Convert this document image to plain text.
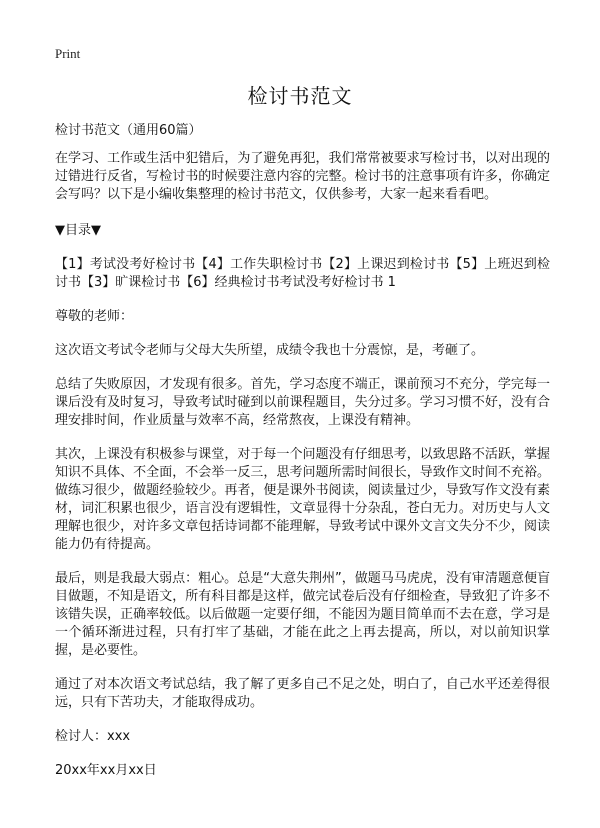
Print
检讨书范文

检讨书范文（通用60篇）

在学习、工作或生活中犯错后，为了避免再犯，我们常常被要求写检讨书，以对出现的过错进行反省，写检讨书的时候要注意内容的完整。检讨书的注意事项有许多，你确定会写吗？以下是小编收集整理的检讨书范文，仅供参考，大家一起来看看吧。

▼目录▼

【1】考试没考好检讨书【4】工作失职检讨书【2】上课迟到检讨书【5】上班迟到检讨书【3】旷课检讨书【6】经典检讨书考试没考好检讨书 1

尊敬的老师：

这次语文考试令老师与父母大失所望，成绩令我也十分震惊，是，考砸了。

总结了失败原因，才发现有很多。首先，学习态度不端正，课前预习不充分，学完每一课后没有及时复习，导致考试时碰到以前课程题目，失分过多。学习习惯不好，没有合理安排时间，作业质量与效率不高，经常熬夜，上课没有精神。

其次，上课没有积极参与课堂，对于每一个问题没有仔细思考，以致思路不活跃，掌握知识不具体、不全面，不会举一反三，思考问题所需时间很长，导致作文时间不充裕。做练习很少，做题经验较少。再者，便是课外书阅读，阅读量过少，导致写作文没有素材，词汇积累也很少，语言没有逻辑性，文章显得十分杂乱，苍白无力。对历史与人文理解也很少，对许多文章包括诗词都不能理解，导致考试中课外文言文失分不少，阅读能力仍有待提高。

最后，则是我最大弱点：粗心。总是“大意失荆州”，做题马马虎虎，没有审清题意便盲目做题，不知是语文，所有科目都是这样，做完试卷后没有仔细检查，导致犯了许多不该错失误，正确率较低。以后做题一定要仔细，不能因为题目简单而不去在意，学习是一个循环渐进过程，只有打牢了基础，才能在此之上再去提高，所以，对以前知识掌握，是必要性。

通过了对本次语文考试总结，我了解了更多自己不足之处，明白了，自己水平还差得很远，只有下苦功夫，才能取得成功。

检讨人：xxx

20xx年xx月xx日
